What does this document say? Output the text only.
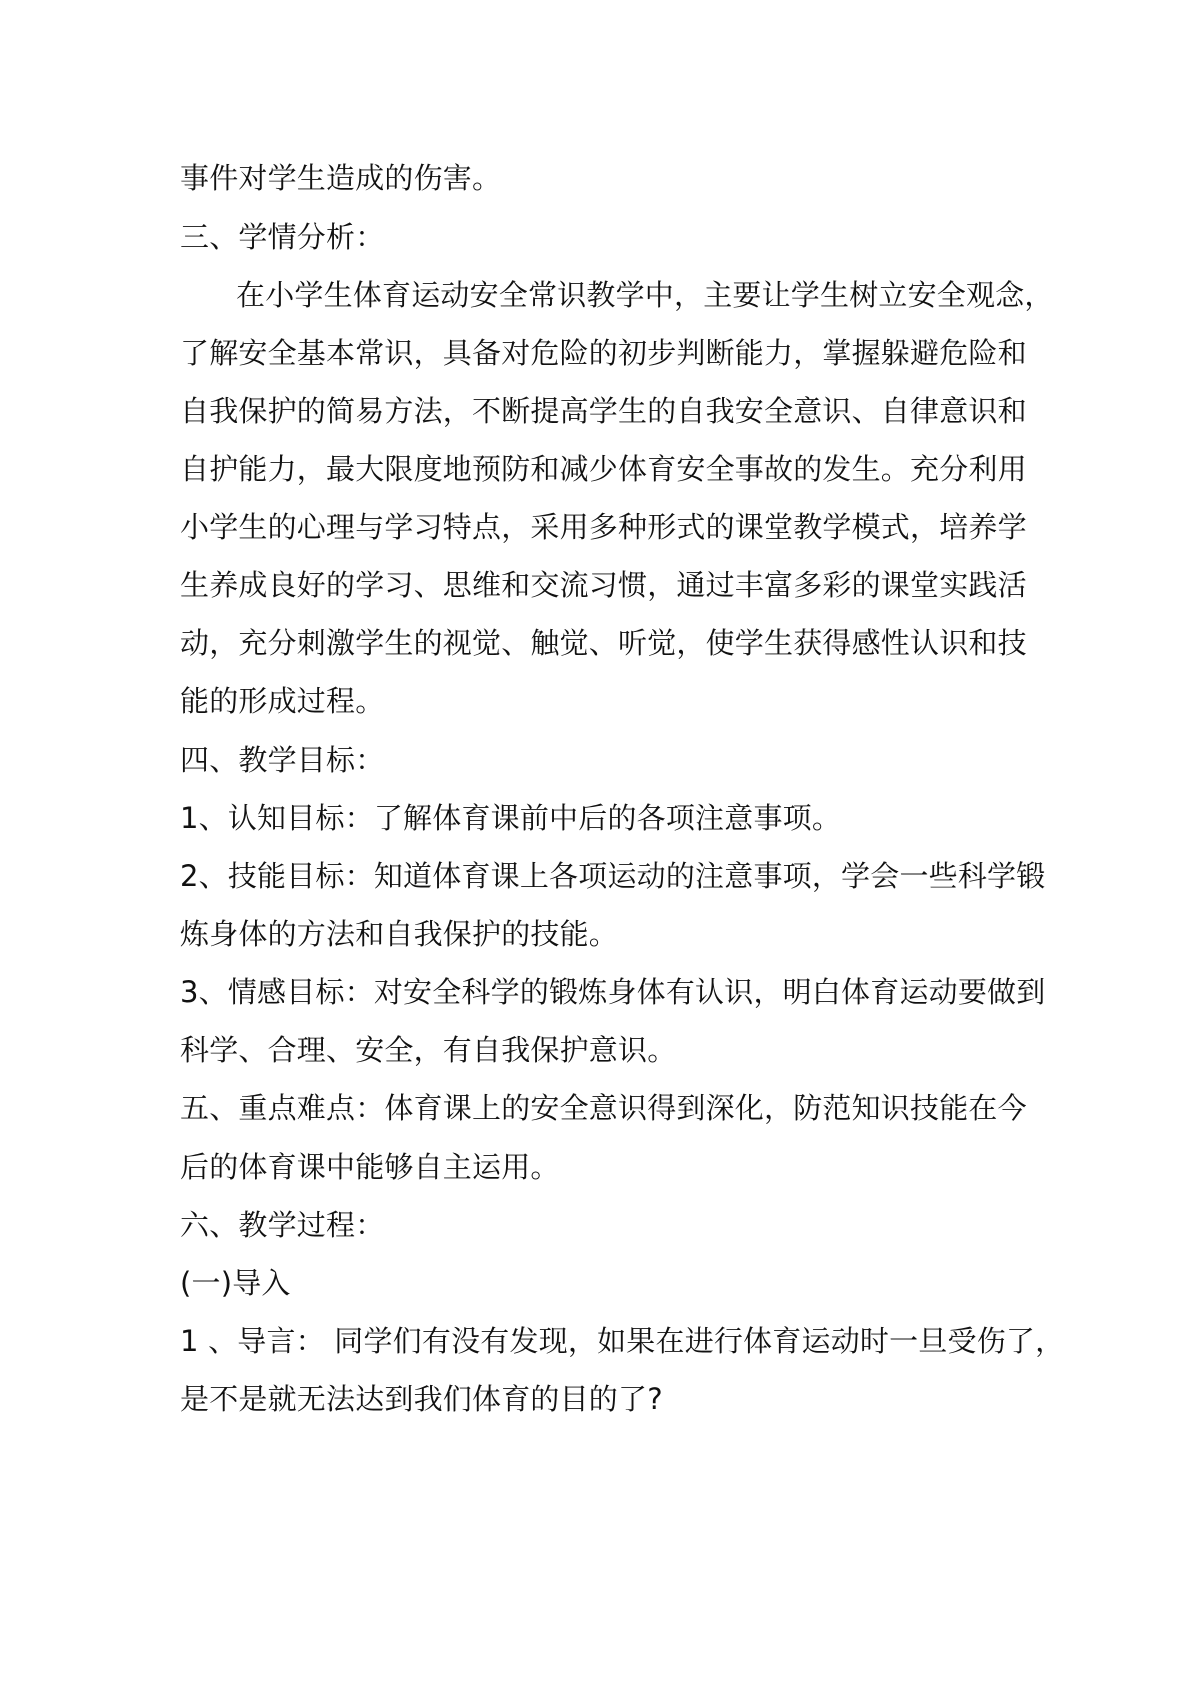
事件对学生造成的伤害。
三、学情分析：
在小学生体育运动安全常识教学中，主要让学生树立安全观念，
了解安全基本常识，具备对危险的初步判断能力，掌握躲避危险和
自我保护的简易方法，不断提高学生的自我安全意识、自律意识和
自护能力，最大限度地预防和减少体育安全事故的发生。充分利用
小学生的心理与学习特点，采用多种形式的课堂教学模式，培养学
生养成良好的学习、思维和交流习惯，通过丰富多彩的课堂实践活
动，充分刺激学生的视觉、触觉、听觉，使学生获得感性认识和技
能的形成过程。
四、教学目标：
1、认知目标：了解体育课前中后的各项注意事项。
2、技能目标：知道体育课上各项运动的注意事项，学会一些科学锻
炼身体的方法和自我保护的技能。
3、情感目标：对安全科学的锻炼身体有认识，明白体育运动要做到
科学、合理、安全，有自我保护意识。
五、重点难点：体育课上的安全意识得到深化，防范知识技能在今
后的体育课中能够自主运用。
六、教学过程：
(一)导入
1 、导言： 同学们有没有发现，如果在进行体育运动时一旦受伤了，
是不是就无法达到我们体育的目的了?
